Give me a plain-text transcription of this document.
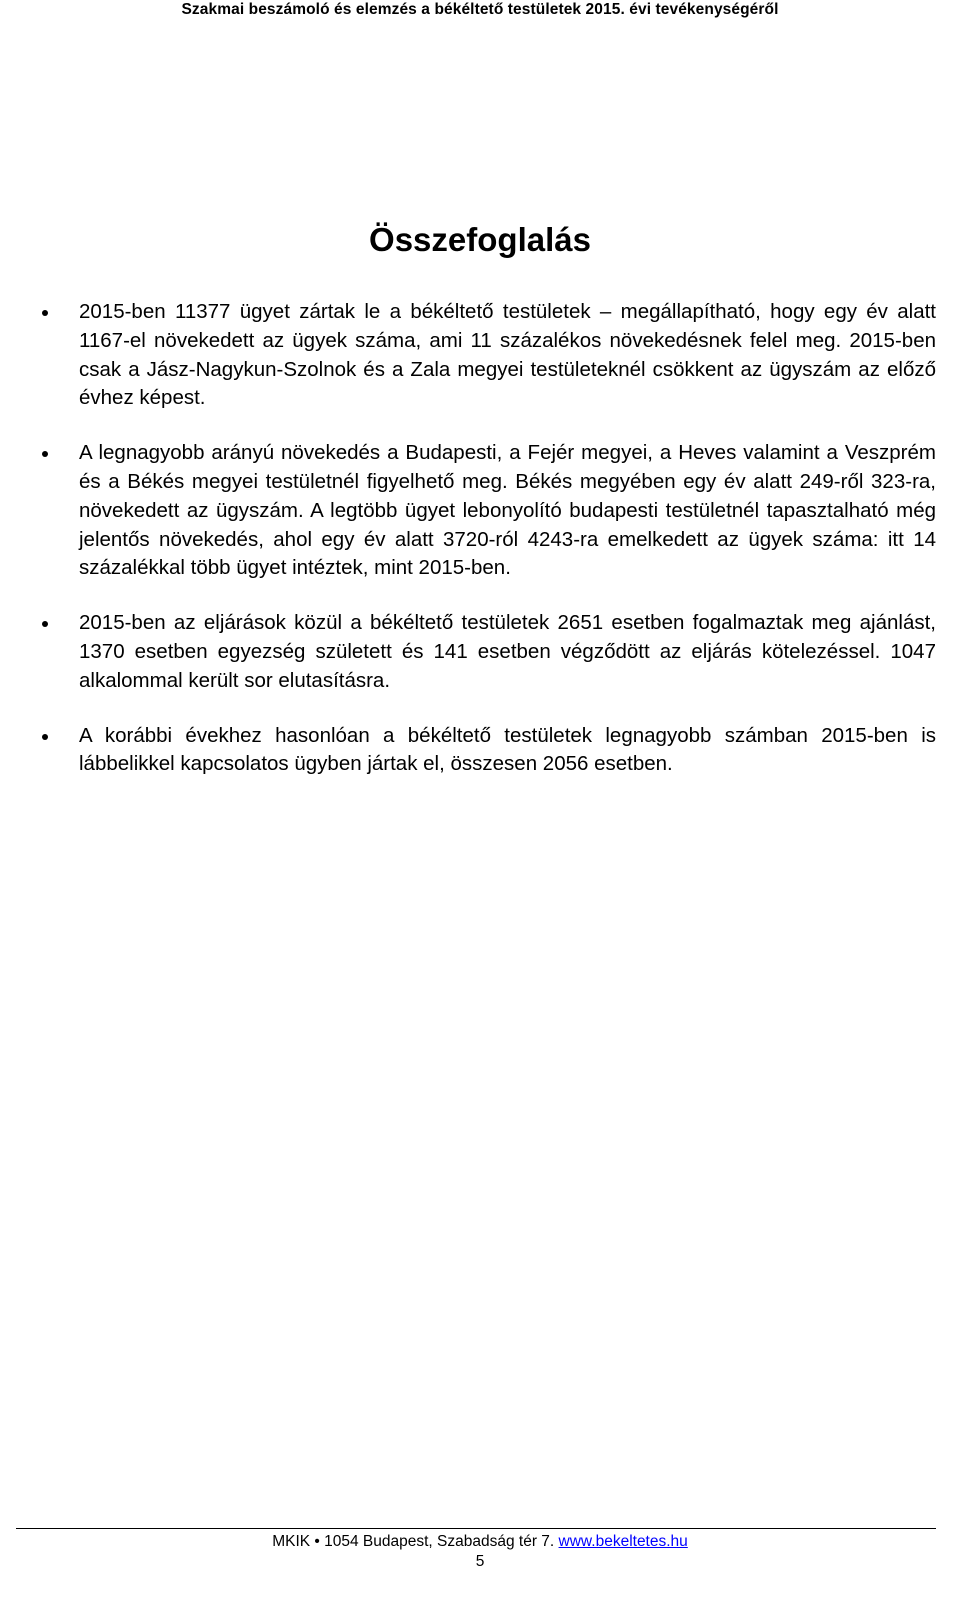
Szakmai beszámoló és elemzés a békéltető testületek 2015. évi tevékenységéről
Összefoglalás
2015-ben 11377 ügyet zártak le a békéltető testületek – megállapítható, hogy egy év alatt 1167-el növekedett az ügyek száma, ami 11 százalékos növekedésnek felel meg. 2015-ben csak a Jász-Nagykun-Szolnok és a Zala megyei testületeknél csökkent az ügyszám az előző évhez képest.
A legnagyobb arányú növekedés a Budapesti, a Fejér megyei, a Heves valamint a Veszprém és a Békés megyei testületnél figyelhető meg. Békés megyében egy év alatt 249-ről 323-ra, növekedett az ügyszám. A legtöbb ügyet lebonyolító budapesti testületnél tapasztalható még jelentős növekedés, ahol egy év alatt 3720-ról 4243-ra emelkedett az ügyek száma: itt 14 százalékkal több ügyet intéztek, mint 2015-ben.
2015-ben az eljárások közül a békéltető testületek 2651 esetben fogalmaztak meg ajánlást, 1370 esetben egyezség született és 141 esetben végződött az eljárás kötelezéssel. 1047 alkalommal került sor elutasításra.
A korábbi évekhez hasonlóan a békéltető testületek legnagyobb számban 2015-ben is lábbelikkel kapcsolatos ügyben jártak el, összesen 2056 esetben.
MKIK • 1054 Budapest, Szabadság tér 7. www.bekeltetes.hu
5
